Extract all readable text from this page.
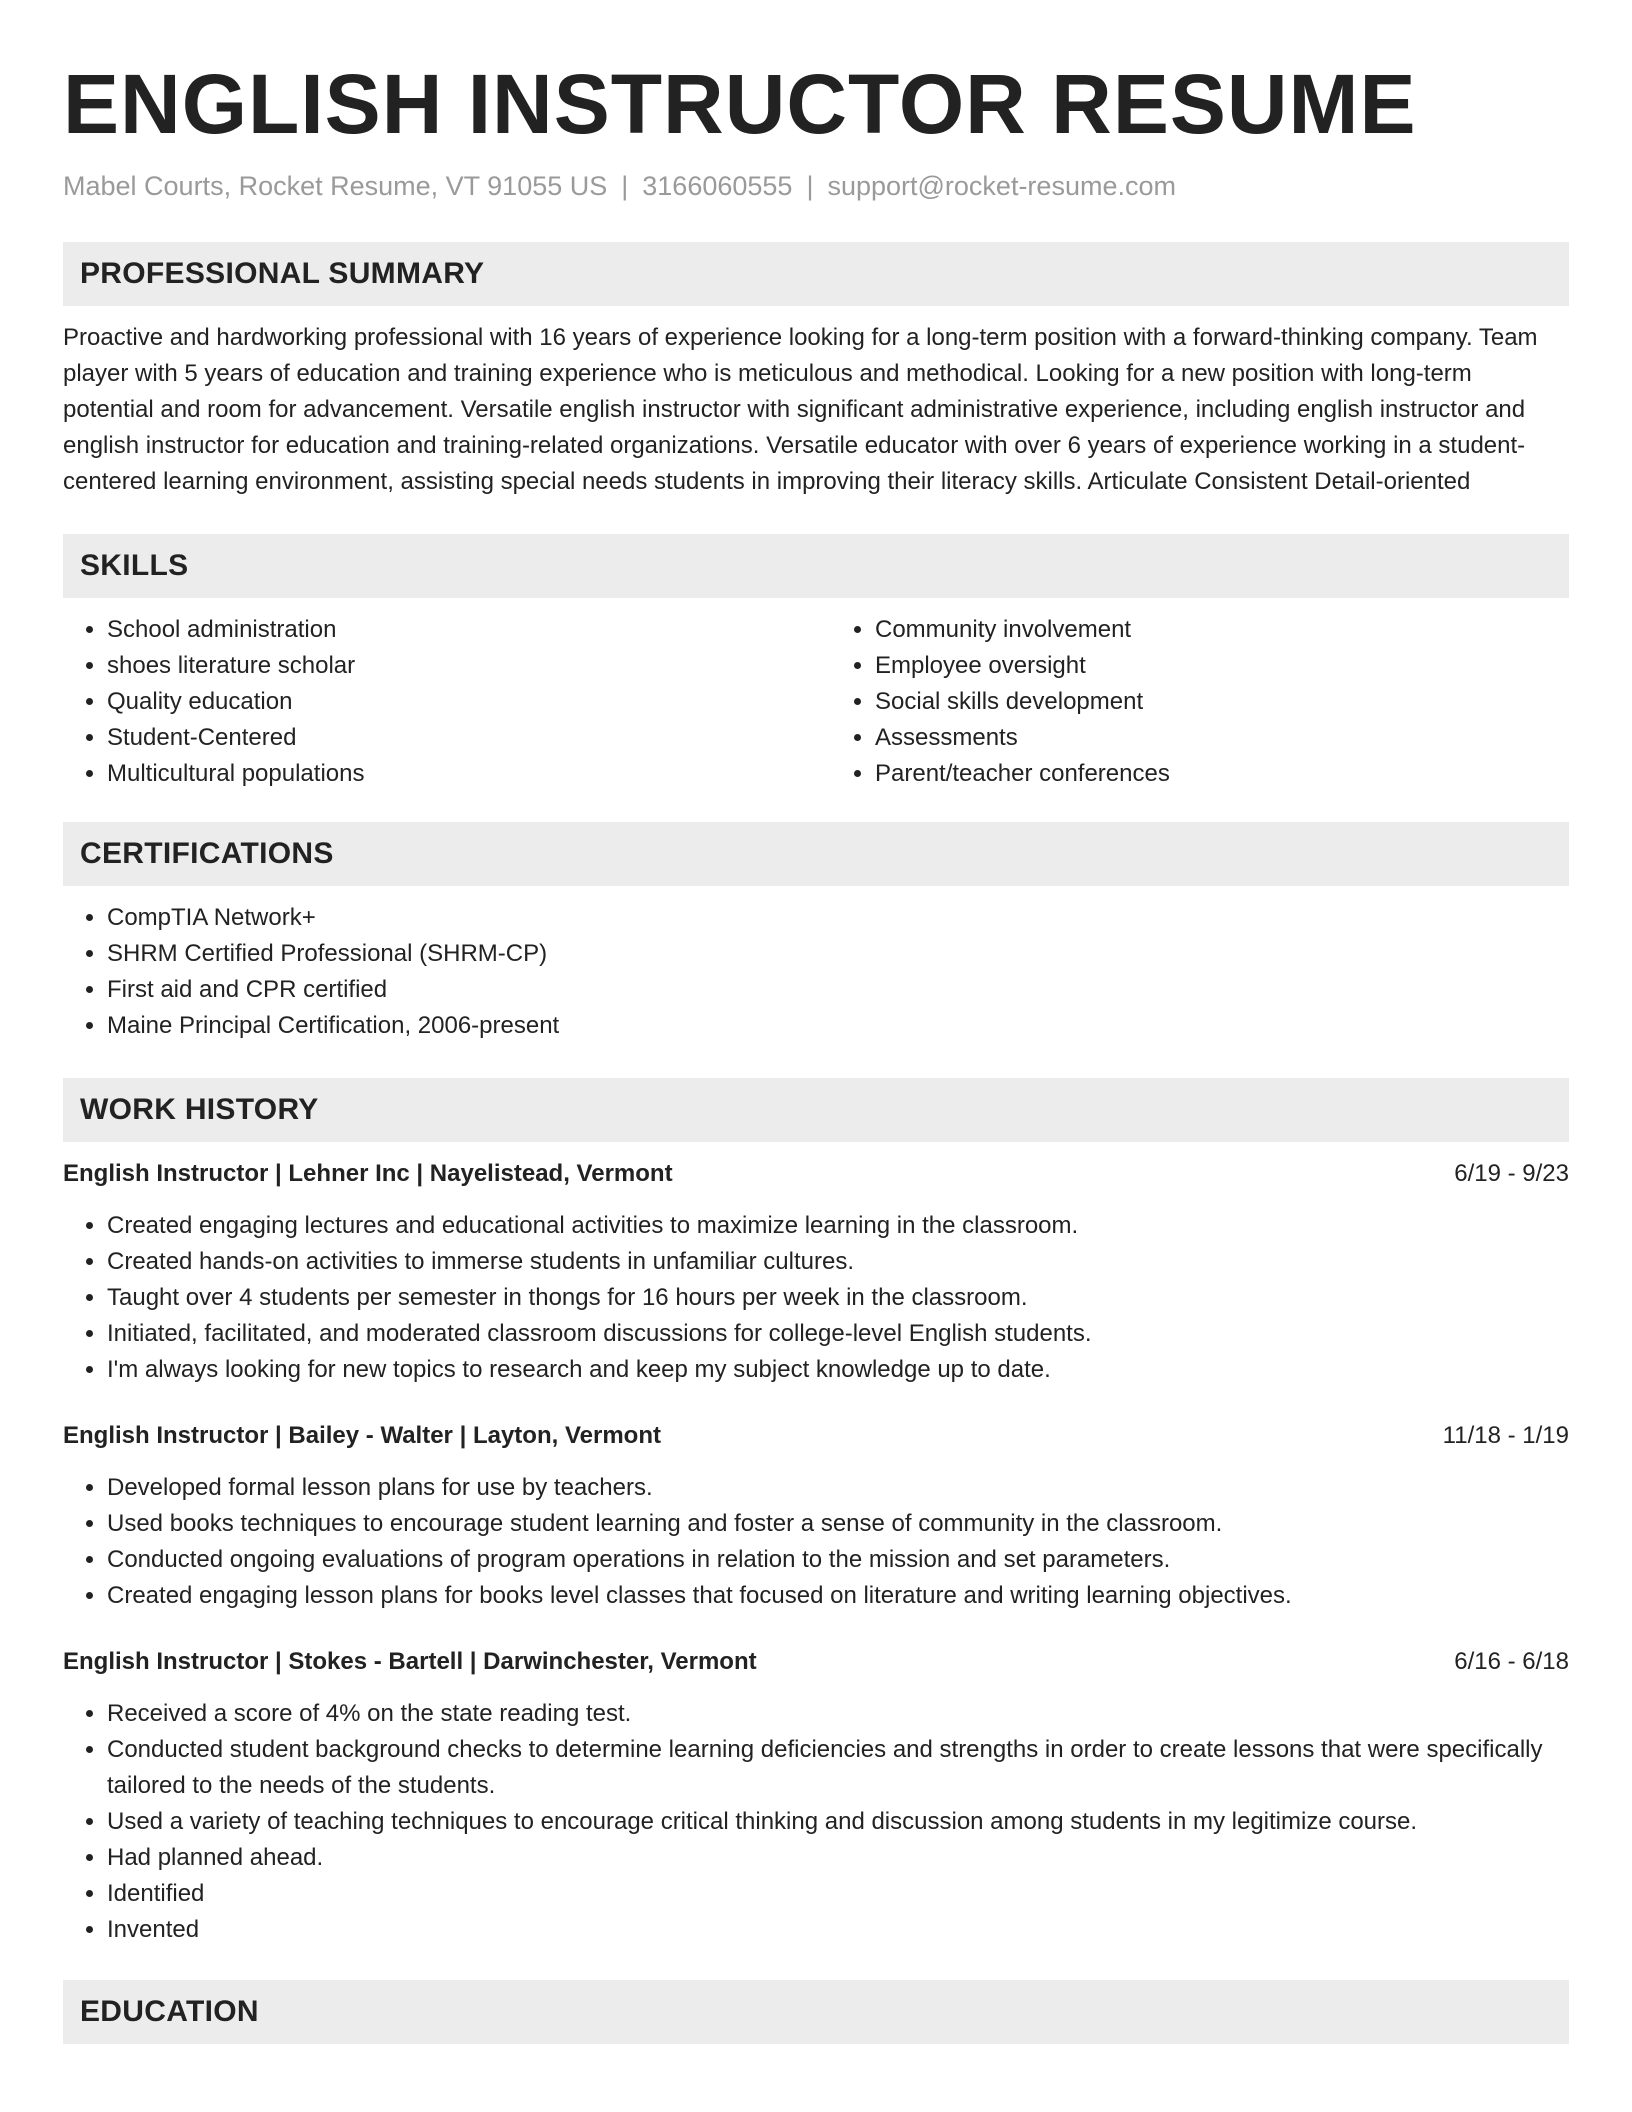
ENGLISH INSTRUCTOR RESUME
Mabel Courts, Rocket Resume, VT 91055 US | 3166060555 | support@rocket-resume.com
PROFESSIONAL SUMMARY
Proactive and hardworking professional with 16 years of experience looking for a long-term position with a forward-thinking company. Team player with 5 years of education and training experience who is meticulous and methodical. Looking for a new position with long-term potential and room for advancement. Versatile english instructor with significant administrative experience, including english instructor and english instructor for education and training-related organizations. Versatile educator with over 6 years of experience working in a student-centered learning environment, assisting special needs students in improving their literacy skills. Articulate Consistent Detail-oriented
SKILLS
• School administration
• shoes literature scholar
• Quality education
• Student-Centered
• Multicultural populations
• Community involvement
• Employee oversight
• Social skills development
• Assessments
• Parent/teacher conferences
CERTIFICATIONS
• CompTIA Network+
• SHRM Certified Professional (SHRM-CP)
• First aid and CPR certified
• Maine Principal Certification, 2006-present
WORK HISTORY
English Instructor | Lehner Inc | Nayelistead, Vermont	6/19 - 9/23
• Created engaging lectures and educational activities to maximize learning in the classroom.
• Created hands-on activities to immerse students in unfamiliar cultures.
• Taught over 4 students per semester in thongs for 16 hours per week in the classroom.
• Initiated, facilitated, and moderated classroom discussions for college-level English students.
• I'm always looking for new topics to research and keep my subject knowledge up to date.
English Instructor | Bailey - Walter | Layton, Vermont	11/18 - 1/19
• Developed formal lesson plans for use by teachers.
• Used books techniques to encourage student learning and foster a sense of community in the classroom.
• Conducted ongoing evaluations of program operations in relation to the mission and set parameters.
• Created engaging lesson plans for books level classes that focused on literature and writing learning objectives.
English Instructor | Stokes - Bartell | Darwinchester, Vermont	6/16 - 6/18
• Received a score of 4% on the state reading test.
• Conducted student background checks to determine learning deficiencies and strengths in order to create lessons that were specifically tailored to the needs of the students.
• Used a variety of teaching techniques to encourage critical thinking and discussion among students in my legitimize course.
• Had planned ahead.
• Identified
• Invented
EDUCATION
